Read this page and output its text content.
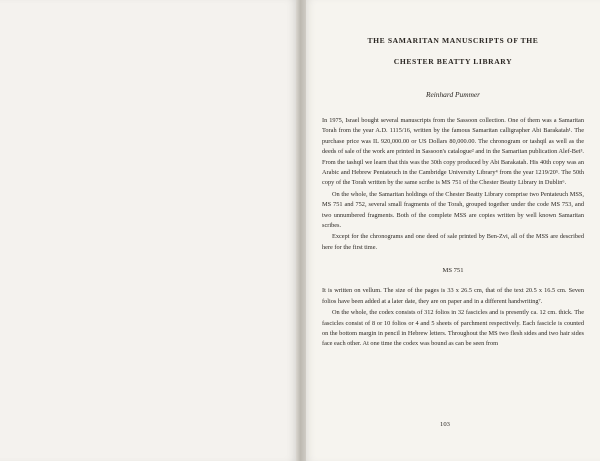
THE SAMARITAN MANUSCRIPTS OF THE
CHESTER BEATTY LIBRARY
Reinhard Pummer

In 1975, Israel bought several manuscripts from the Sassoon collection. One of them was a Samaritan Torah from the year A.D. 1115/16, written by the famous Samaritan calligrapher Abi Barakatah¹. The purchase price was IL 920,000.00 or US Dollars 80,000.00. The chronogram or tashqil as well as the deeds of sale of the work are printed in Sassoon's catalogue² and in the Samaritan publication Alef-Bet³. From the tashqil we learn that this was the 30th copy produced by Abi Barakatah. His 40th copy was an Arabic and Hebrew Pentateuch in the Cambridge University Library⁴ from the year 1219/20⁵. The 50th copy of the Torah written by the same scribe is MS 751 of the Chester Beatty Library in Dublin⁶.

On the whole, the Samaritan holdings of the Chester Beatty Library comprise two Pentateuch MSS, MS 751 and 752, several small fragments of the Torah, grouped together under the code MS 753, and two unnumbered fragments. Both of the complete MSS are copies written by well known Samaritan scribes.

Except for the chronograms and one deed of sale printed by Ben-Zvi, all of the MSS are described here for the first time.

MS 751

It is written on vellum. The size of the pages is 33 x 26.5 cm, that of the text 20.5 x 16.5 cm. Seven folios have been added at a later date, they are on paper and in a different handwriting⁷.

On the whole, the codex consists of 312 folios in 32 fascicles and is presently ca. 12 cm. thick. The fascicles consist of 8 or 10 folios or 4 and 5 sheets of parchment respectively. Each fascicle is counted on the bottom margin in pencil in Hebrew letters. Throughout the MS two flesh sides and two hair sides face each other. At one time the codex was bound as can be seen from

103
